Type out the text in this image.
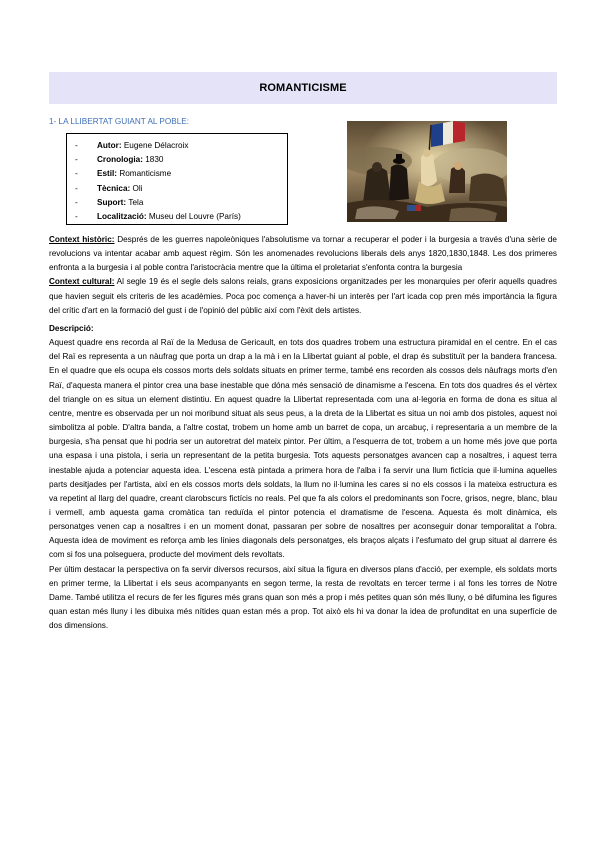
ROMANTICISME
1- LA LLIBERTAT GUIANT AL POBLE:
-	Autor:
Eugene Délacroix
-	Cronologia:
1830
-	Estil:
Romanticisme
-	Tècnica:
Oli
-	Suport:
Tela
-	Localització:
Museu del Louvre (París)

Context històric: Després de les guerres napoleòniques l'absolutisme va tornar a recuperar el poder i la burgesia a través d'una sèrie de revolucions va intentar acabar amb aquest règim. Són les anomenades revolucions liberals dels anys 1820,1830,1848. Les dos primeres enfronta a la burgesia i al poble contra l'aristocràcia mentre que la última el proletariat s'enfonta contra la burgesia

Context cultural: Al segle 19 és el segle dels salons reials, grans exposicions organitzades per les monarquies per oferir aquells quadres que havien seguit els criteris de les acadèmies. Poca poc comença a haver-hi un interès per l'art icada cop pren més importància la figura del crític d'art en la formació del gust i de l'opinió del públic així com l'èxit dels artistes.

Descripció:

Aquest quadre ens recorda al Raï de la Medusa de Gericault, en tots dos quadres trobem una estructura piramidal en el centre. En el cas del Raï es representa a un nàufrag que porta un drap a la mà i en la Llibertat guiant al poble, el drap és substituït per la bandera francesa. En el quadre que els ocupa els cossos morts dels soldats situats en primer terme, també ens recorden als cossos dels nàufrags morts d'en Raï, d'aquesta manera el pintor crea una base inestable que dóna més sensació de dinamisme a l'escena. En tots dos quadres és el vèrtex del triangle on es situa un element distintiu. En aquest quadre la Llibertat representada com una al·legoria en forma de dona es situa al centre, mentre es observada per un noi moribund situat als seus peus, a la dreta de la Llibertat es situa un noi amb dos pistoles, aquest noi simbolitza al poble. D'altra banda, a l'altre costat, trobem un home amb un barret de copa, un arcabuç, i representaria a un membre de la burgesia, s'ha pensat que hi podria ser un autoretrat del mateix pintor. Per últim, a l'esquerra de tot, trobem a un home més jove que porta una espasa i una pistola, i seria un representant de la petita burgesia. Tots aquests personatges avancen cap a nosaltres, i aquest terra inestable ajuda a potenciar aquesta idea. L'escena està pintada a primera hora de l'alba i fa servir una llum fictícia que il·lumina aquelles parts desitjades per l'artista, així en els cossos morts dels soldats, la llum no il·lumina les cares si no els cossos i la mateixa estructura es va repetint al llarg del quadre, creant clarobscurs fictícis no reals. Pel que fa als colors el predominants son l'ocre, grisos, negre, blanc, blau i vermell, amb aquesta gama cromàtica tan reduïda el pintor potencia el dramatisme de l'escena. Aquesta és molt dinàmica, els personatges venen cap a nosaltres i en un moment donat, passaran per sobre de nosaltres per aconseguir donar temporalitat a l'obra. Aquesta idea de moviment es reforça amb les línies diagonals dels personatges, els braços alçats i l'esfumato del grup situat al darrere és com si fos una polseguera, producte del moviment dels revoltats.

Per últim destacar la perspectiva on fa servir diversos recursos, així situa la figura en diversos plans d'acció, per exemple, els soldats morts en primer terme, la Llibertat i els seus acompanyants en segon terme, la resta de revoltats en tercer terme i al fons les torres de Notre Dame. També utilitza el recurs de fer les figures més grans quan son més a prop i més petites quan són més lluny, o bé difumina les figures quan estan més lluny i les dibuixa més nítides quan estan més a prop. Tot això els hi va donar la idea de profunditat en una superfície de dos dimensions.
